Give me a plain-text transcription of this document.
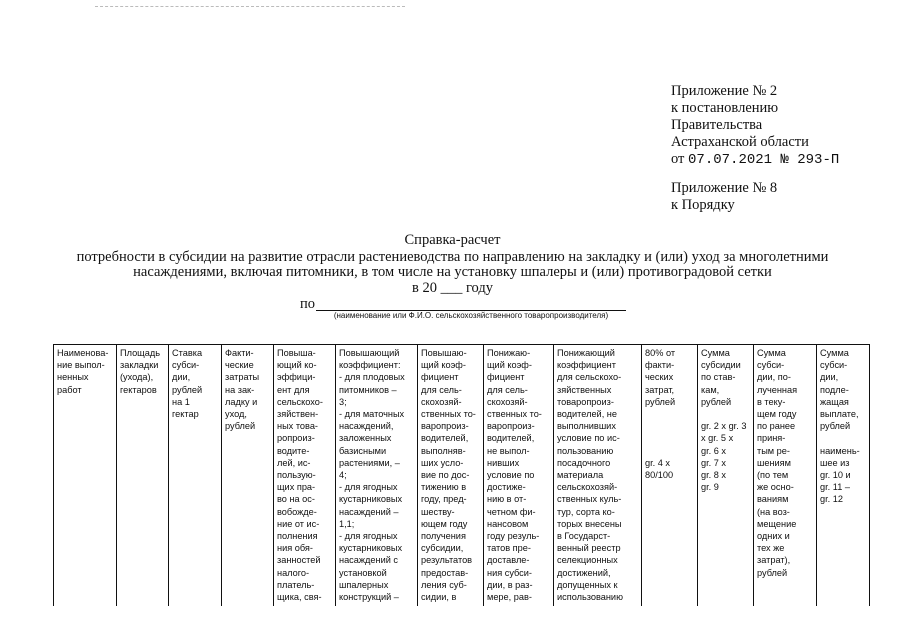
Приложение № 2
к постановлению
Правительства
Астраханской области
от 07.07.2021 № 293-П
Приложение № 8
к Порядку
Справка-расчет
потребности в субсидии на развитие отрасли растениеводства по направлению на закладку и (или) уход за многолетними
насаждениями, включая питомники, в том числе на установку шпалеры и (или) противоградовой сетки
в 20 ___ году
по
(наименование или Ф.И.О. сельскохозяйственного товаропроизводителя)
Наименова-
ние выпол-
ненных
работ	Площадь
закладки
(ухода),
гектаров	Ставка
субси-
дии,
рублей
на 1
гектар	Факти-
ческие
затраты
на зак-
ладку и
уход,
рублей	Повыша-
ющий ко-
эффици-
ент для
сельскохо-
зяйствен-
ных това-
ропроиз-
водите-
лей, ис-
пользую-
щих пра-
во на ос-
вобожде-
ние от ис-
полнения
ния обя-
занностей
налого-
платель-
щика, свя-	Повышающий
коэффициент:
- для плодовых
питомников –
3;
- для маточных
насаждений,
заложенных
базисными
растениями, –
4;
- для ягодных
кустарниковых
насаждений –
1,1;
- для ягодных
кустарниковых
насаждений с
установкой
шпалерных
конструкций –	Повышаю-
щий коэф-
фициент
для сель-
скохозяй-
ственных то-
варопроиз-
водителей,
выполняв-
ших усло-
вие по дос-
тижению в
году, пред-
шеству-
ющем году
получения
субсидии,
результатов
предостав-
ления суб-
сидии, в	Понижаю-
щий коэф-
фициент
для сель-
скохозяй-
ственных то-
варопроиз-
водителей,
не выпол-
нивших
условие по
достиже-
нию в от-
четном фи-
нансовом
году резуль-
татов пре-
доставле-
ния субси-
дии, в раз-
мере, рав-	Понижающий
коэффициент
для сельскохо-
зяйственных
товаропроиз-
водителей, не
выполнивших
условие по ис-
пользованию
посадочного
материала
сельскохозяй-
ственных куль-
тур, сорта ко-
торых внесены
в Государст-
венный реестр
селекционных
достижений,
допущенных к
использованию	80% от
факти-
ческих
затрат,
рублей

gr. 4 x
80/100	Сумма
субсидии
по став-
кам,
рублей

gr. 2 x gr. 3
x gr. 5 x
gr. 6 x
gr. 7 x
gr. 8 x
gr. 9	Сумма
субси-
дии, по-
лученная
в теку-
щем году
по ранее
приня-
тым ре-
шениям
(по тем
же осно-
ваниям
(на воз-
мещение
одних и
тех же
затрат),
рублей	Сумма
субси-
дии,
подле-
жащая
выплате,
рублей

наимень-
шее из
gr. 10 и
gr. 11 –
gr. 12
